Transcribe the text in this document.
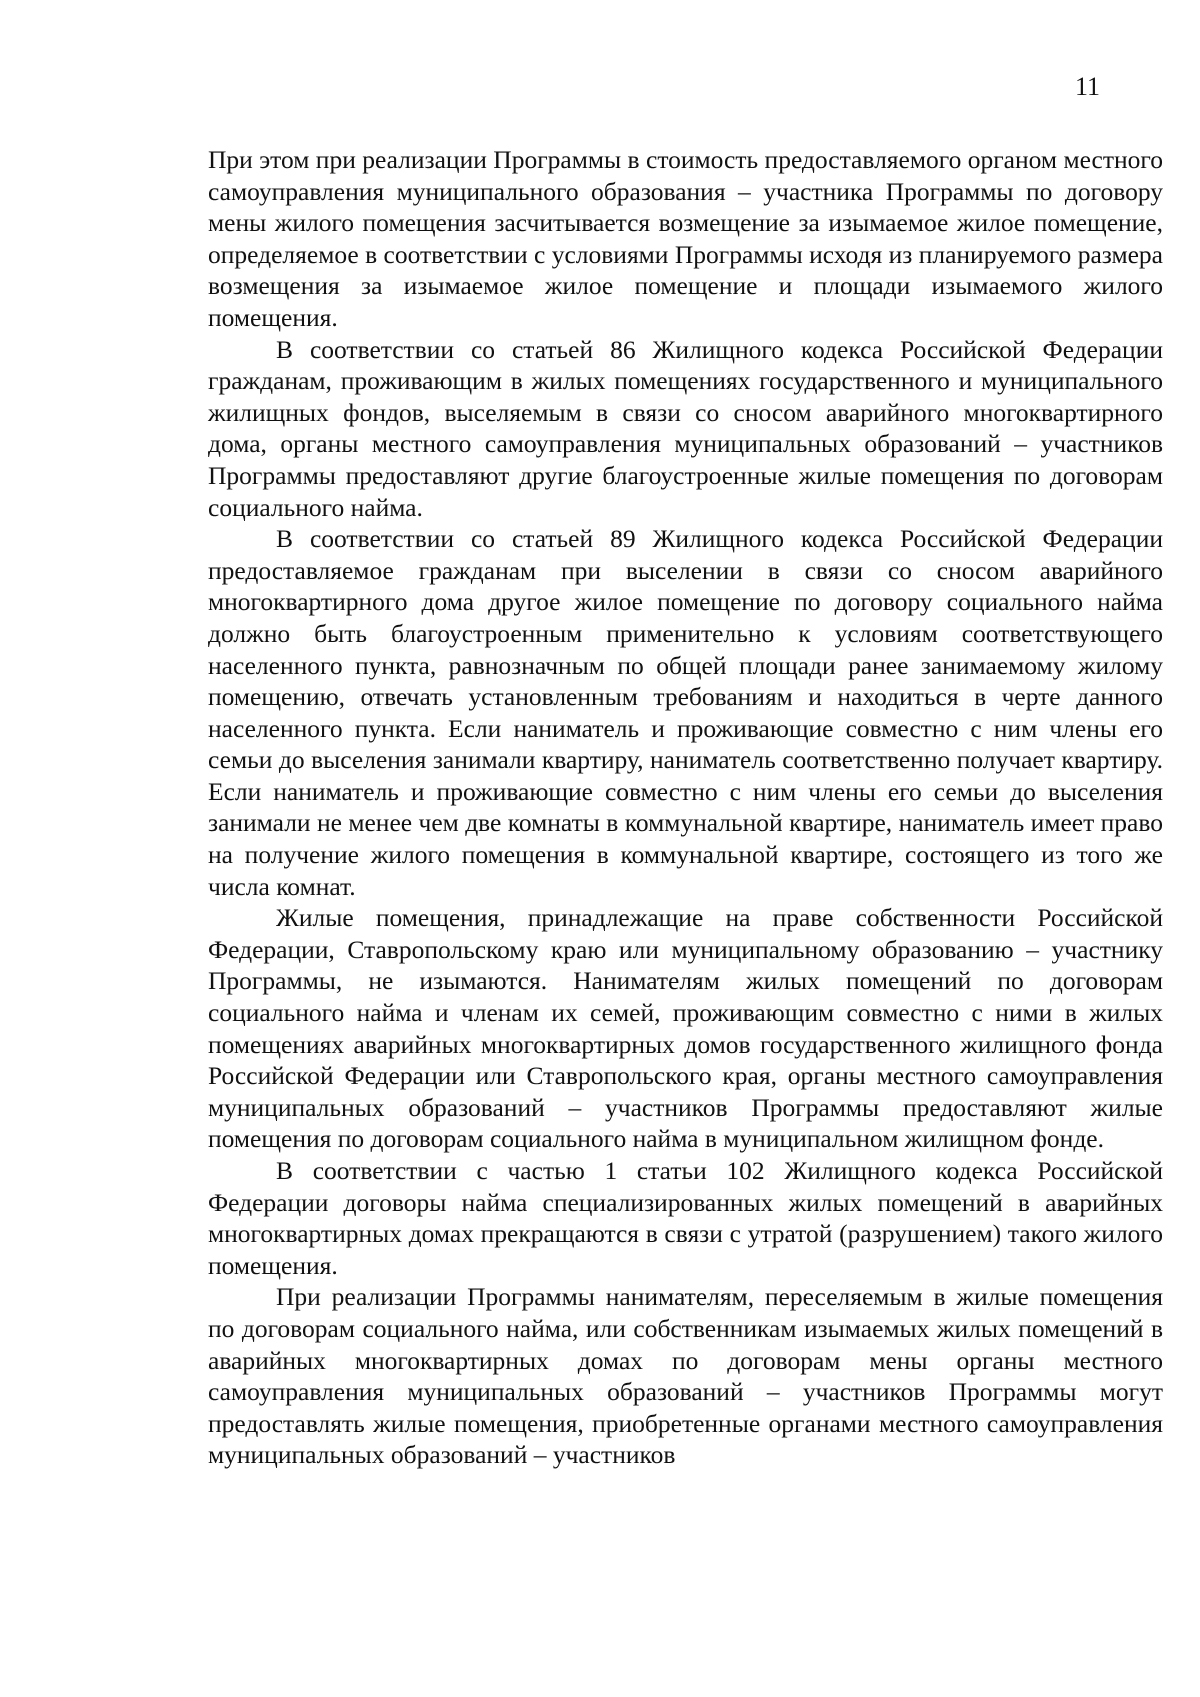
11

При этом при реализации Программы в стоимость предоставляемого органом местного самоуправления муниципального образования – участника Программы по договору мены жилого помещения засчитывается возмещение за изымаемое жилое помещение, определяемое в соответствии с условиями Программы исходя из планируемого размера возмещения за изымаемое жилое помещение и площади изымаемого жилого помещения.

В соответствии со статьей 86 Жилищного кодекса Российской Федерации гражданам, проживающим в жилых помещениях государственного и муниципального жилищных фондов, выселяемым в связи со сносом аварийного многоквартирного дома, органы местного самоуправления муниципальных образований – участников Программы предоставляют другие благоустроенные жилые помещения по договорам социального найма.

В соответствии со статьей 89 Жилищного кодекса Российской Федерации предоставляемое гражданам при выселении в связи со сносом аварийного многоквартирного дома другое жилое помещение по договору социального найма должно быть благоустроенным применительно к условиям соответствующего населенного пункта, равнозначным по общей площади ранее занимаемому жилому помещению, отвечать установленным требованиям и находиться в черте данного населенного пункта. Если наниматель и проживающие совместно с ним члены его семьи до выселения занимали квартиру, наниматель соответственно получает квартиру. Если наниматель и проживающие совместно с ним члены его семьи до выселения занимали не менее чем две комнаты в коммунальной квартире, наниматель имеет право на получение жилого помещения в коммунальной квартире, состоящего из того же числа комнат.

Жилые помещения, принадлежащие на праве собственности Российской Федерации, Ставропольскому краю или муниципальному образованию – участнику Программы, не изымаются. Нанимателям жилых помещений по договорам социального найма и членам их семей, проживающим совместно с ними в жилых помещениях аварийных многоквартирных домов государственного жилищного фонда Российской Федерации или Ставропольского края, органы местного самоуправления муниципальных образований – участников Программы предоставляют жилые помещения по договорам социального найма в муниципальном жилищном фонде.

В соответствии с частью 1 статьи 102 Жилищного кодекса Российской Федерации договоры найма специализированных жилых помещений в аварийных многоквартирных домах прекращаются в связи с утратой (разрушением) такого жилого помещения.

При реализации Программы нанимателям, переселяемым в жилые помещения по договорам социального найма, или собственникам изымаемых жилых помещений в аварийных многоквартирных домах по договорам мены органы местного самоуправления муниципальных образований – участников Программы могут предоставлять жилые помещения, приобретенные органами местного самоуправления муниципальных образований – участников
